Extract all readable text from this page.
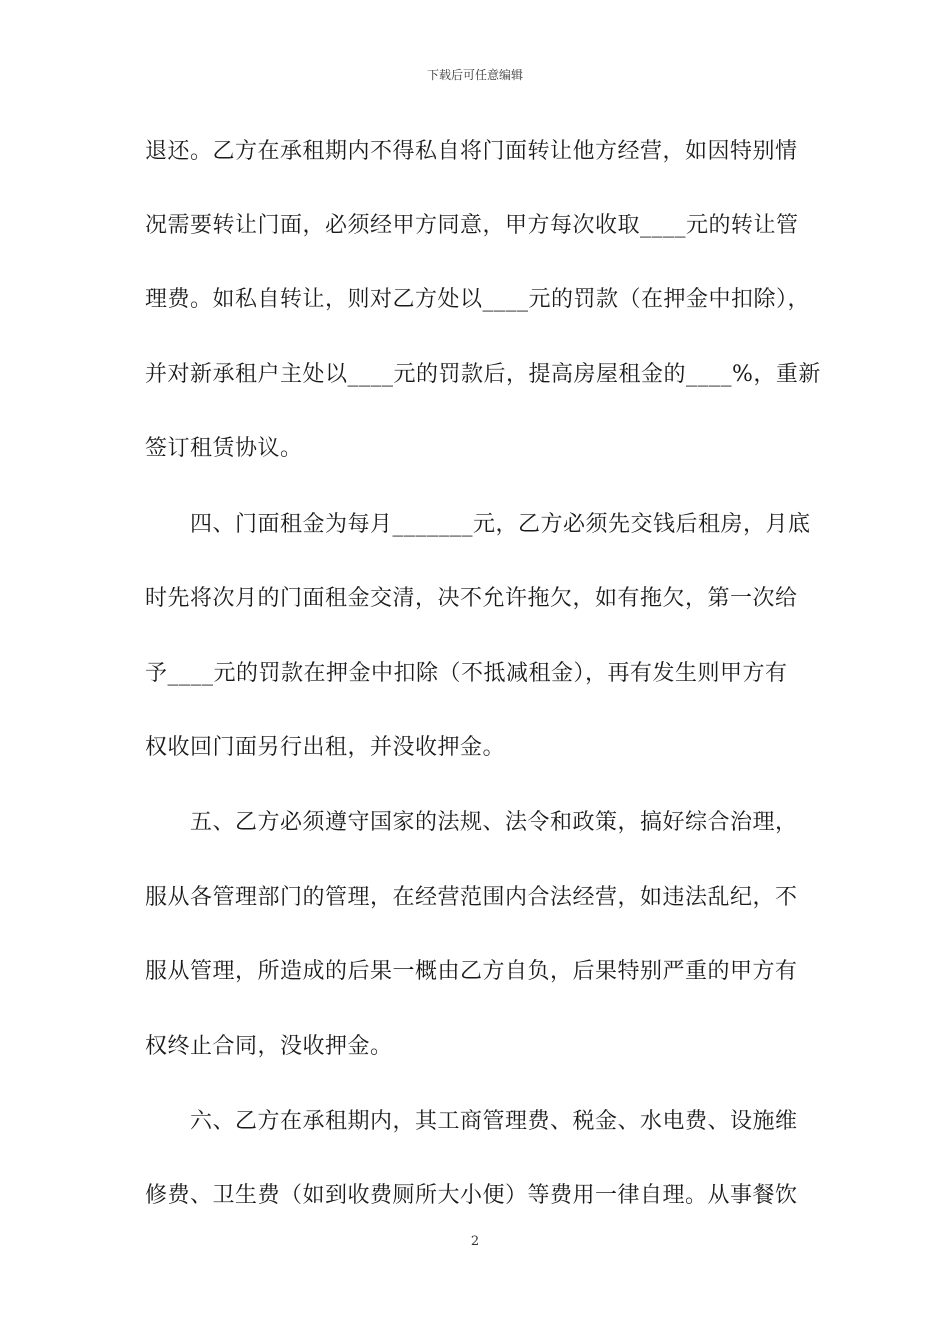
下载后可任意编辑
退还。乙方在承租期内不得私自将门面转让他方经营，如因特别情
况需要转让门面，必须经甲方同意，甲方每次收取____元的转让管
理费。如私自转让，则对乙方处以____元的罚款（在押金中扣除），
并对新承租户主处以____元的罚款后，提高房屋租金的____%，重新
签订租赁协议。
四、门面租金为每月_______元，乙方必须先交钱后租房，月底
时先将次月的门面租金交清，决不允许拖欠，如有拖欠，第一次给
予____元的罚款在押金中扣除（不抵减租金），再有发生则甲方有
权收回门面另行出租，并没收押金。
五、乙方必须遵守国家的法规、法令和政策，搞好综合治理，
服从各管理部门的管理，在经营范围内合法经营，如违法乱纪，不
服从管理，所造成的后果一概由乙方自负，后果特别严重的甲方有
权终止合同，没收押金。
六、乙方在承租期内，其工商管理费、税金、水电费、设施维
修费、卫生费（如到收费厕所大小便）等费用一律自理。从事餐饮
2
